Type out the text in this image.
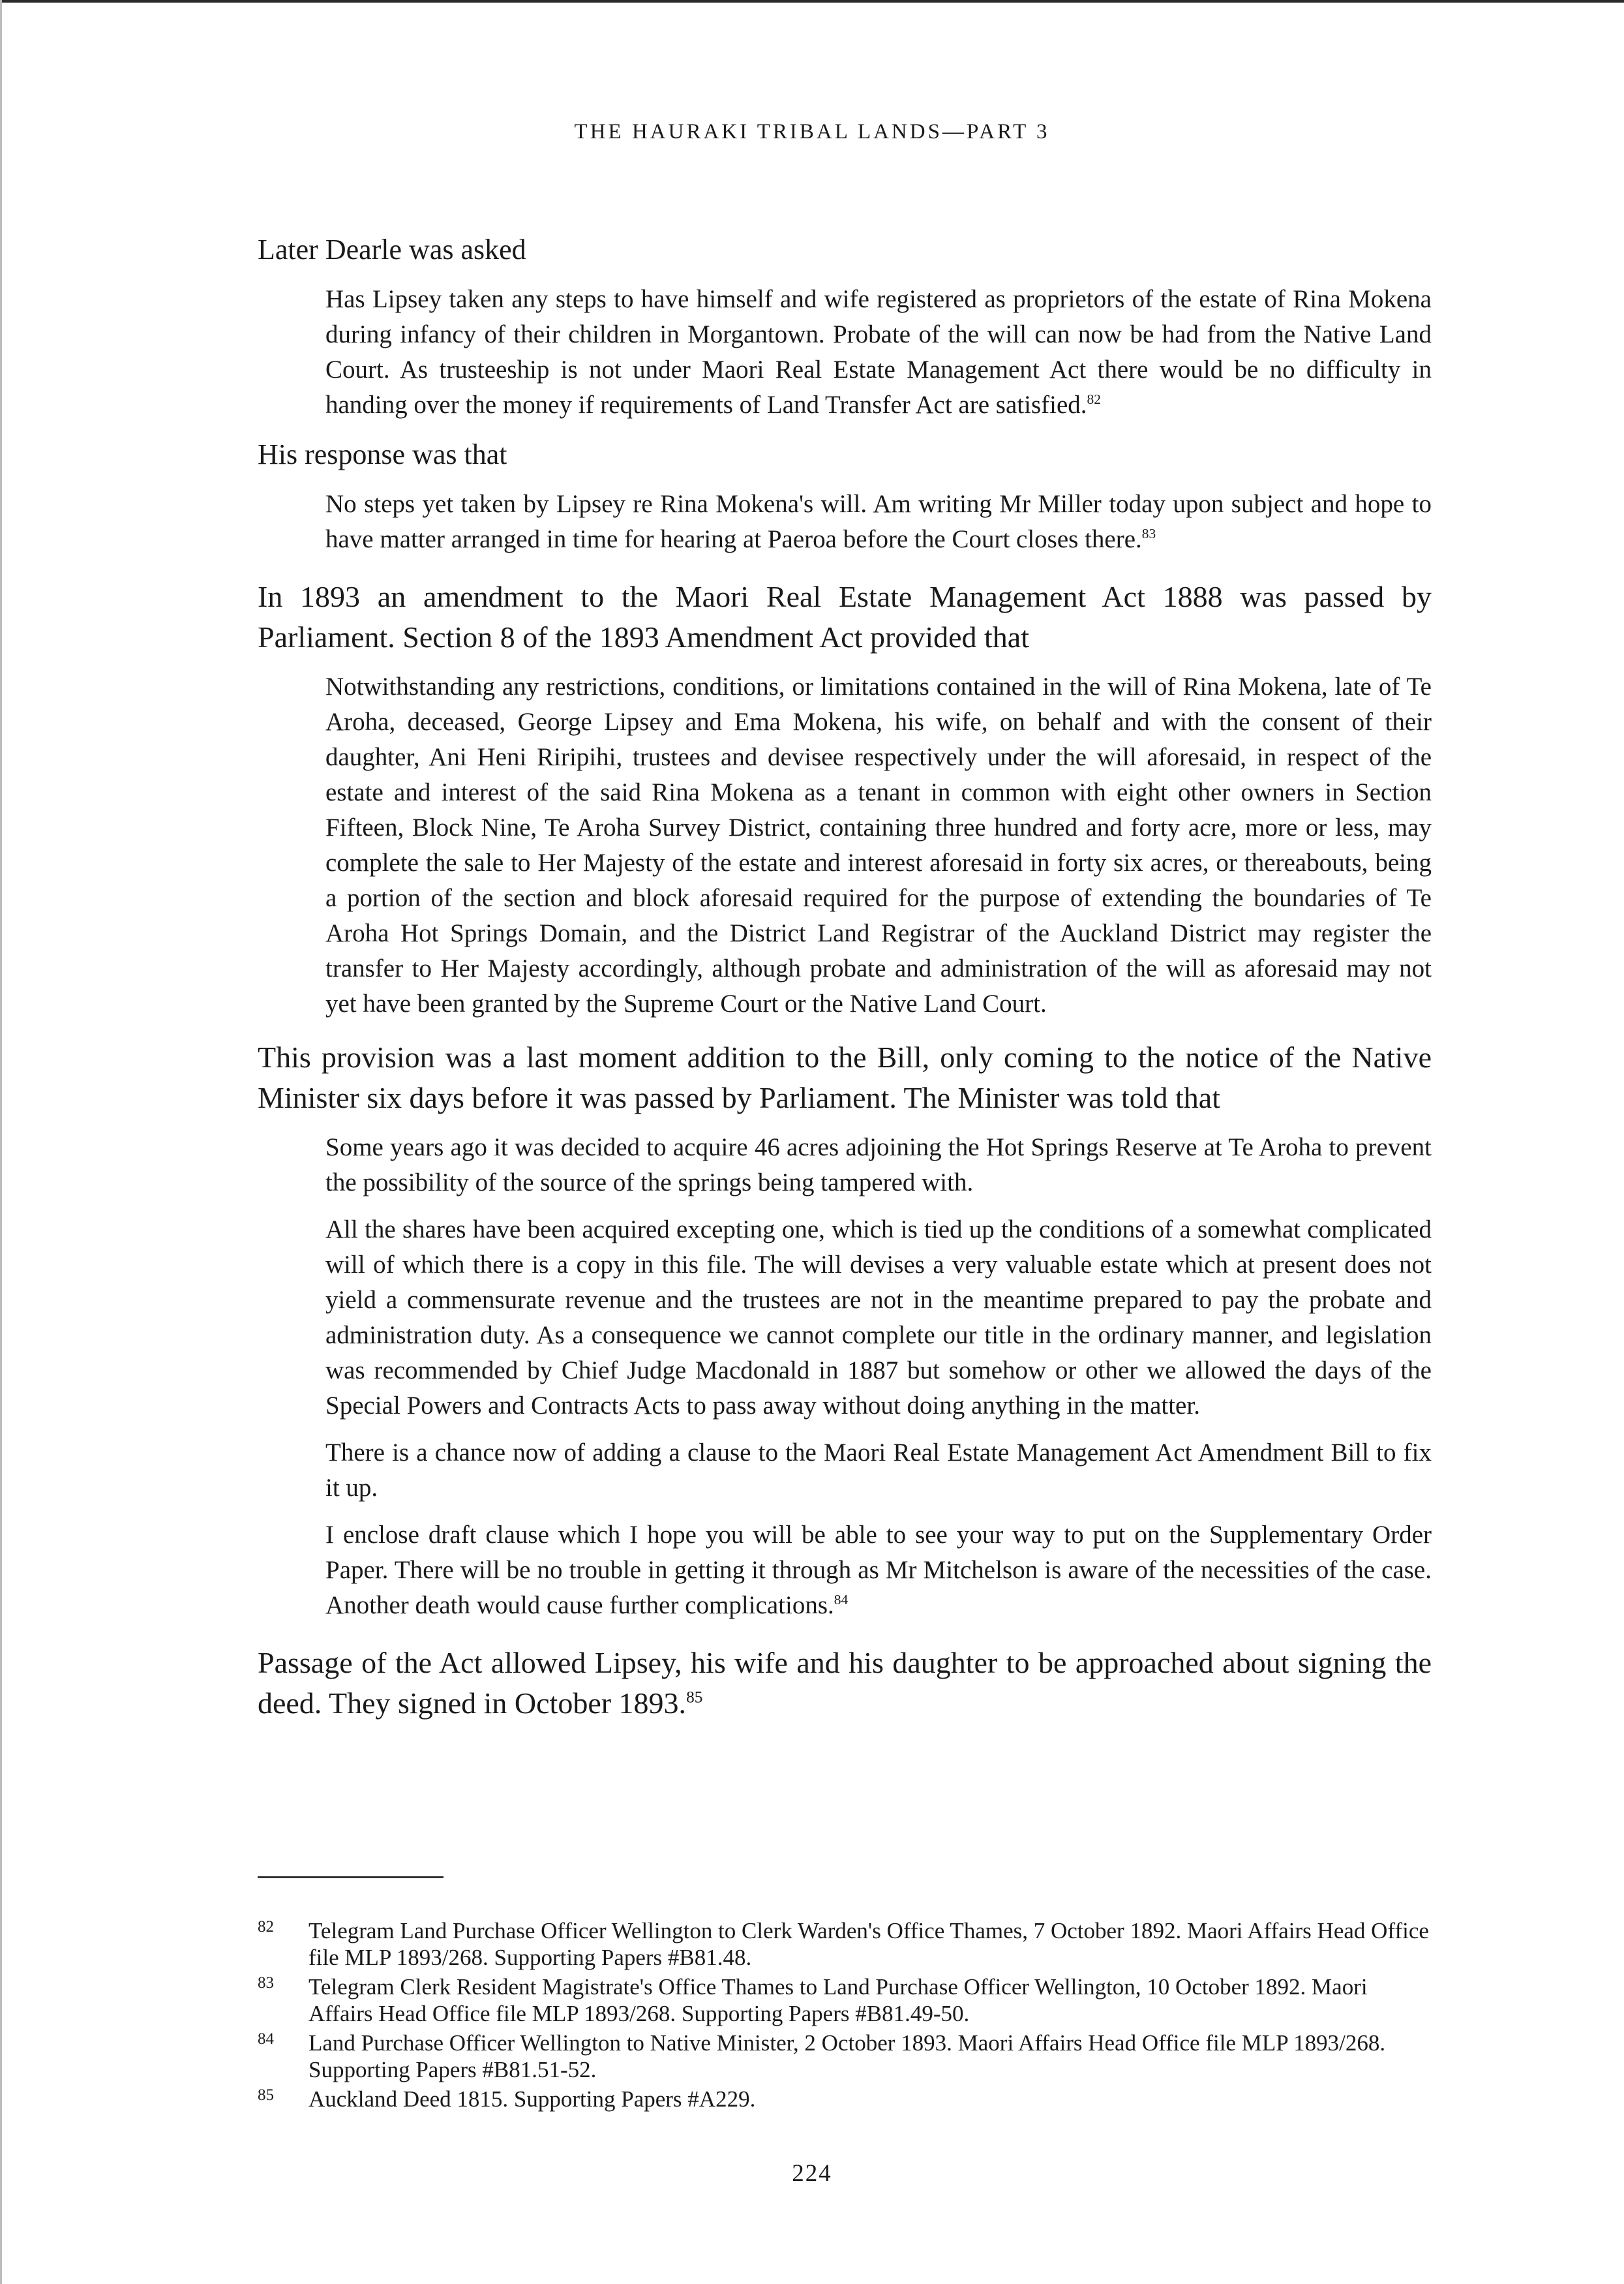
THE HAURAKI TRIBAL LANDS—PART 3

Later Dearle was asked

Has Lipsey taken any steps to have himself and wife registered as proprietors of the estate of Rina Mokena during infancy of their children in Morgantown. Probate of the will can now be had from the Native Land Court. As trusteeship is not under Maori Real Estate Management Act there would be no difficulty in handing over the money if requirements of Land Transfer Act are satisfied.$^{82}$

His response was that

No steps yet taken by Lipsey re Rina Mokena's will. Am writing Mr Miller today upon subject and hope to have matter arranged in time for hearing at Paeroa before the Court closes there.$^{83}$

In 1893 an amendment to the Maori Real Estate Management Act 1888 was passed by Parliament. Section 8 of the 1893 Amendment Act provided that

Notwithstanding any restrictions, conditions, or limitations contained in the will of Rina Mokena, late of Te Aroha, deceased, George Lipsey and Ema Mokena, his wife, on behalf and with the consent of their daughter, Ani Heni Riripihi, trustees and devisee respectively under the will aforesaid, in respect of the estate and interest of the said Rina Mokena as a tenant in common with eight other owners in Section Fifteen, Block Nine, Te Aroha Survey District, containing three hundred and forty acre, more or less, may complete the sale to Her Majesty of the estate and interest aforesaid in forty six acres, or thereabouts, being a portion of the section and block aforesaid required for the purpose of extending the boundaries of Te Aroha Hot Springs Domain, and the District Land Registrar of the Auckland District may register the transfer to Her Majesty accordingly, although probate and administration of the will as aforesaid may not yet have been granted by the Supreme Court or the Native Land Court.

This provision was a last moment addition to the Bill, only coming to the notice of the Native Minister six days before it was passed by Parliament. The Minister was told that

Some years ago it was decided to acquire 46 acres adjoining the Hot Springs Reserve at Te Aroha to prevent the possibility of the source of the springs being tampered with.

All the shares have been acquired excepting one, which is tied up the conditions of a somewhat complicated will of which there is a copy in this file. The will devises a very valuable estate which at present does not yield a commensurate revenue and the trustees are not in the meantime prepared to pay the probate and administration duty. As a consequence we cannot complete our title in the ordinary manner, and legislation was recommended by Chief Judge Macdonald in 1887 but somehow or other we allowed the days of the Special Powers and Contracts Acts to pass away without doing anything in the matter.

There is a chance now of adding a clause to the Maori Real Estate Management Act Amendment Bill to fix it up.

I enclose draft clause which I hope you will be able to see your way to put on the Supplementary Order Paper. There will be no trouble in getting it through as Mr Mitchelson is aware of the necessities of the case. Another death would cause further complications.$^{84}$

Passage of the Act allowed Lipsey, his wife and his daughter to be approached about signing the deed. They signed in October 1893.85

82 Telegram Land Purchase Officer Wellington to Clerk Warden's Office Thames, 7 October 1892. Maori Affairs Head Office file MLP 1893/268. Supporting Papers #B81.48.
83 Telegram Clerk Resident Magistrate's Office Thames to Land Purchase Officer Wellington, 10 October 1892. Maori Affairs Head Office file MLP 1893/268. Supporting Papers #B81.49-50.
84 Land Purchase Officer Wellington to Native Minister, 2 October 1893. Maori Affairs Head Office file MLP 1893/268. Supporting Papers #B81.51-52.
85 Auckland Deed 1815. Supporting Papers #A229.
224
